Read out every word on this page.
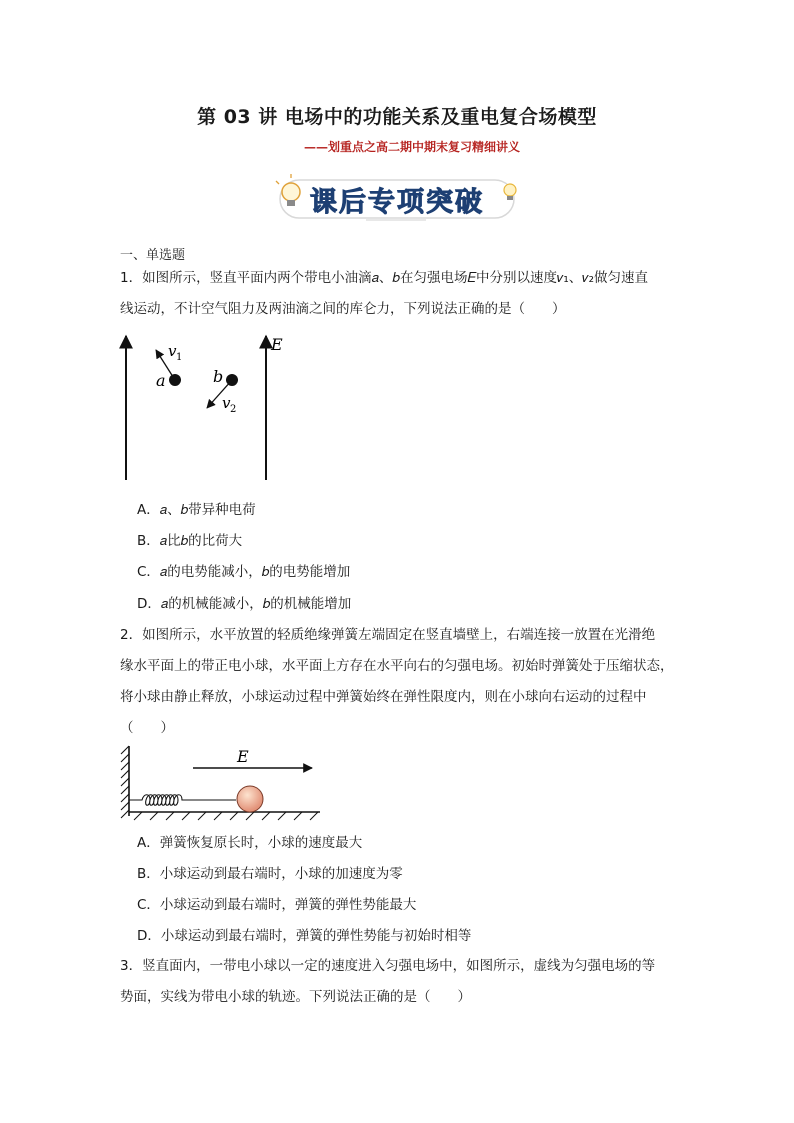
第 03 讲 电场中的功能关系及重电复合场模型
——划重点之高二期中期末复习精细讲义
课后专项突破
一、单选题
1．如图所示，竖直平面内两个带电小油滴𝑎、𝑏在匀强电场𝐸中分别以速度𝑣₁、𝑣₂做匀速直
线运动，不计空气阻力及两油滴之间的库仑力，下列说法正确的是（　　）
E
a
v 1
b
v 2
A．𝑎、𝑏带异种电荷
B．𝑎比𝑏的比荷大
C．𝑎的电势能减小，𝑏的电势能增加
D．𝑎的机械能减小，𝑏的机械能增加
2．如图所示，水平放置的轻质绝缘弹簧左端固定在竖直墙壁上，右端连接一放置在光滑绝
缘水平面上的带正电小球，水平面上方存在水平向右的匀强电场。初始时弹簧处于压缩状态，
将小球由静止释放，小球运动过程中弹簧始终在弹性限度内，则在小球向右运动的过程中
（　　）
E
A．弹簧恢复原长时，小球的速度最大
B．小球运动到最右端时，小球的加速度为零
C．小球运动到最右端时，弹簧的弹性势能最大
D．小球运动到最右端时，弹簧的弹性势能与初始时相等
3．竖直面内，一带电小球以一定的速度进入匀强电场中，如图所示，虚线为匀强电场的等
势面，实线为带电小球的轨迹。下列说法正确的是（　　）
